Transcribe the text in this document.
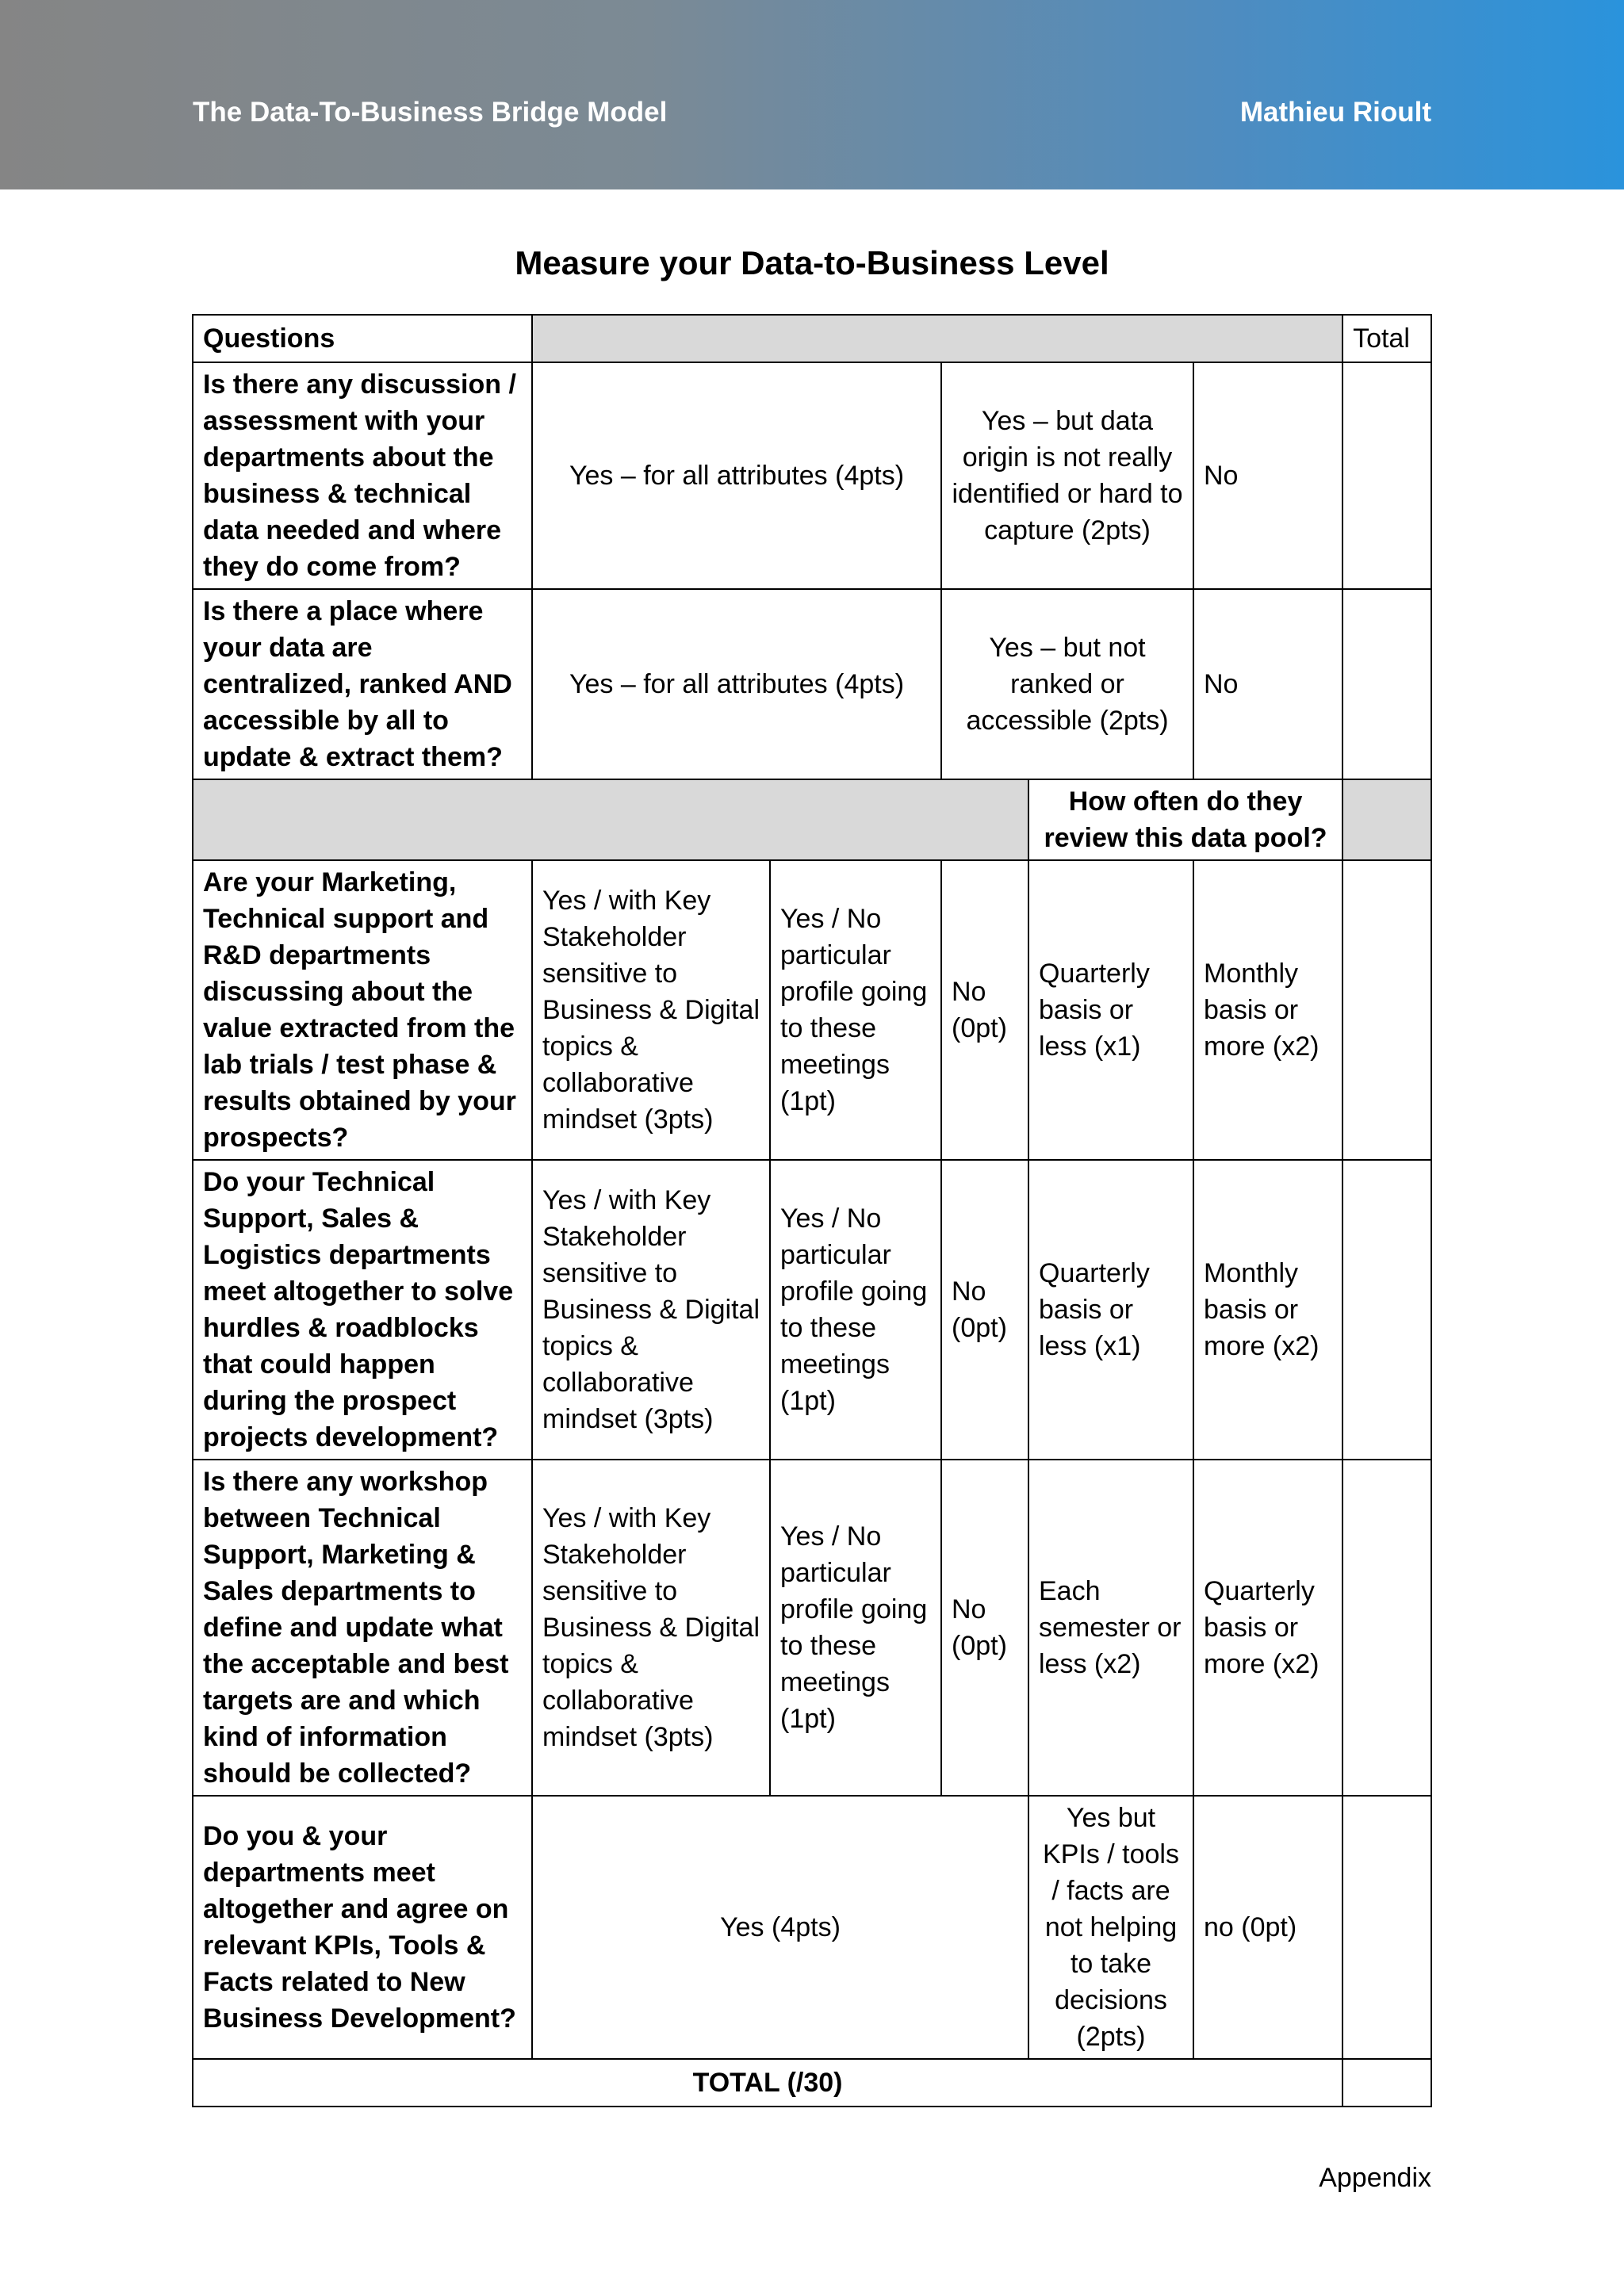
The Data-To-Business Bridge Model	Mathieu Rioult
Measure your Data-to-Business Level
Questions						Total
Is there any discussion / assessment with your departments about the business & technical data needed and where they do come from?	Yes – for all attributes (4pts)		Yes – but data origin is not really identified or hard to capture (2pts)		No	
Is there a place where your data are centralized, ranked AND accessible by all to update & extract them?	Yes – for all attributes (4pts)		Yes – but not ranked or accessible (2pts)		No	
				How often do they review this data pool?		
Are your Marketing, Technical support and R&D departments discussing about the value extracted from the lab trials / test phase & results obtained by your prospects?	Yes / with Key Stakeholder sensitive to Business & Digital topics & collaborative mindset (3pts)	Yes / No particular profile going to these meetings (1pt)	No (0pt)	Quarterly basis or less (x1)	Monthly basis or more (x2)	
Do your Technical Support, Sales & Logistics departments meet altogether to solve hurdles & roadblocks that could happen during the prospect projects development?	Yes / with Key Stakeholder sensitive to Business & Digital topics & collaborative mindset (3pts)	Yes / No particular profile going to these meetings (1pt)	No (0pt)	Quarterly basis or less (x1)	Monthly basis or more (x2)	
Is there any workshop between Technical Support, Marketing & Sales departments to define and update what the acceptable and best targets are and which kind of information should be collected?	Yes / with Key Stakeholder sensitive to Business & Digital topics & collaborative mindset (3pts)	Yes / No particular profile going to these meetings (1pt)	No (0pt)	Each semester or less (x2)	Quarterly basis or more (x2)	
Do you & your departments meet altogether and agree on relevant KPIs, Tools & Facts related to New Business Development?	Yes (4pts)			Yes but KPIs / tools / facts are not helping to take decisions (2pts)	no (0pt)	
TOTAL (/30)						
Appendix
